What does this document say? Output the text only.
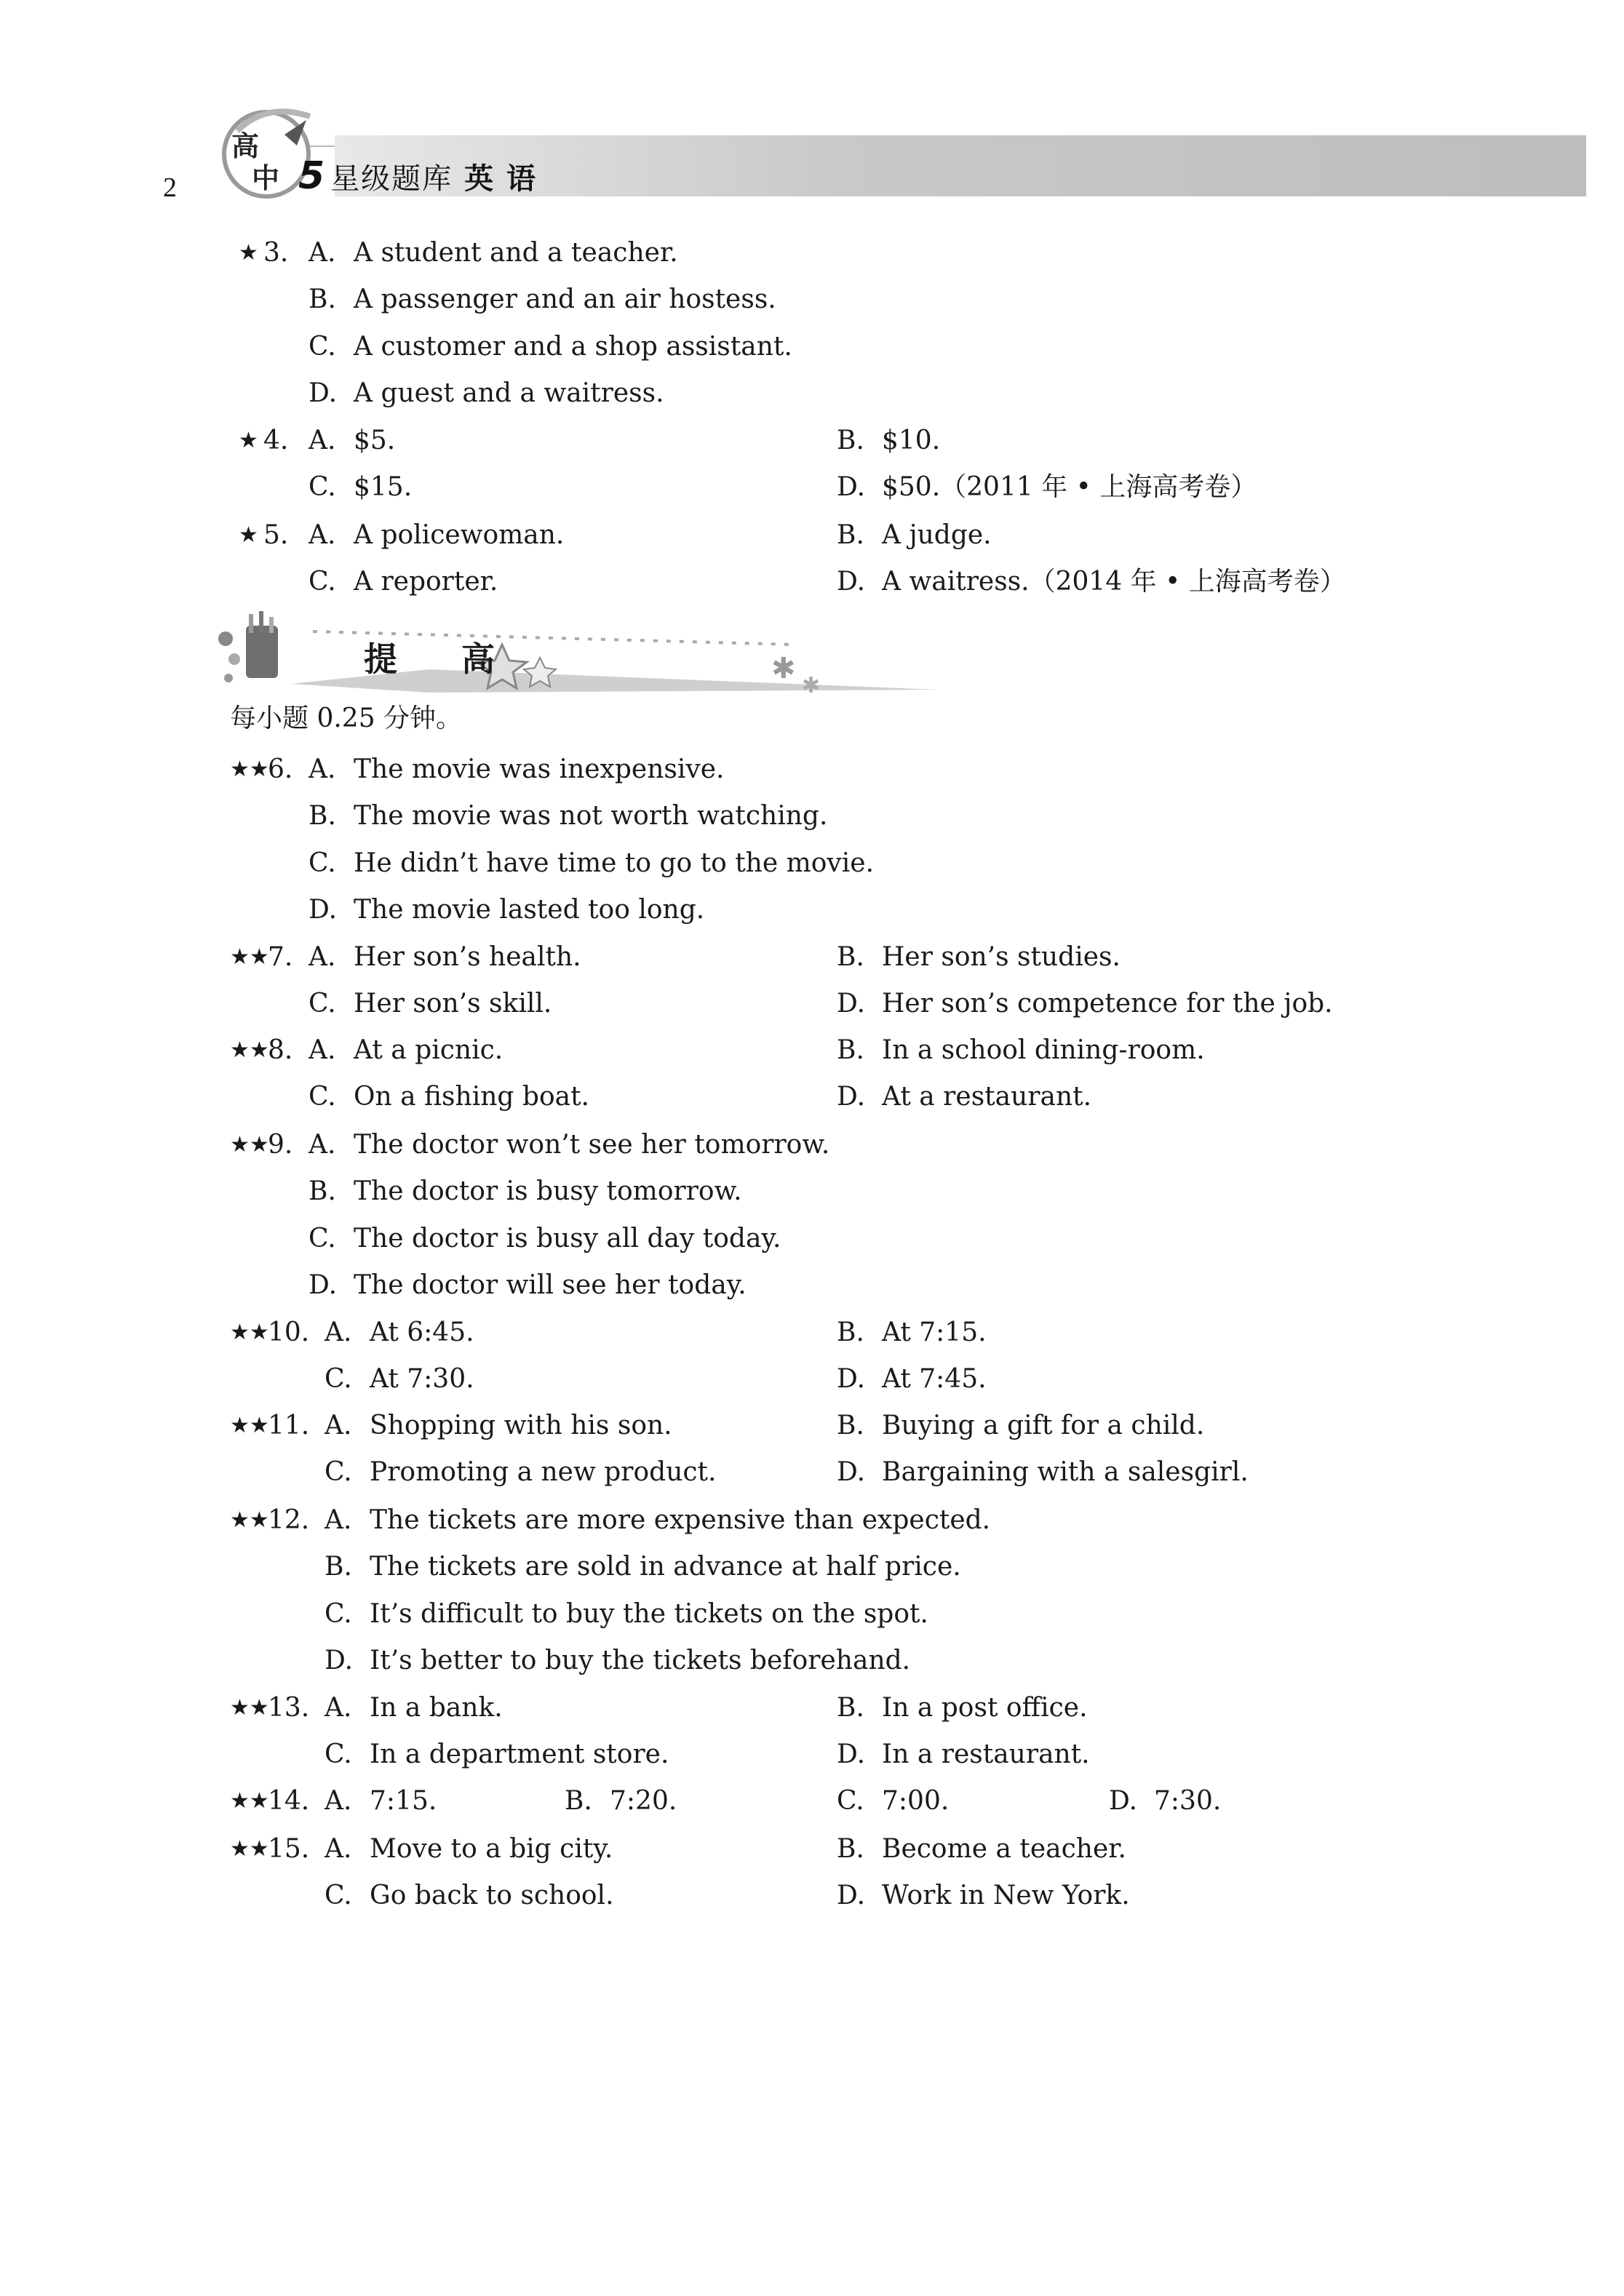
2
高
中 5 星级题库 英 语
✱
✱
提 高
每小题 0.25 分钟。
★ 3. A. A student and a teacher.
B. A passenger and an air hostess.
C. A customer and a shop assistant.
D. A guest and a waitress.
★ 4. A. $5.	B. $10.
C. $15.	D. $50.（2011 年 • 上海高考卷）
★ 5. A. A policewoman.	B. A judge.
C. A reporter.	D. A waitress.（2014 年 • 上海高考卷）
★★
6. A. The movie was inexpensive.
B. The movie was not worth watching.
C. He didn’t have time to go to the movie.
D. The movie lasted too long.
★★
7. A. Her son’s health.	B. Her son’s studies.
C. Her son’s skill.	D. Her son’s competence for the job.
★★
8. A. At a picnic.	B. In a school dining-room.
C. On a fishing boat.	D. At a restaurant.
★★
9. A. The doctor won’t see her tomorrow.
B. The doctor is busy tomorrow.
C. The doctor is busy all day today.
D. The doctor will see her today.
★★
10. A. At 6:45.	B. At 7:15.
C. At 7:30.	D. At 7:45.
★★
11. A. Shopping with his son.	B. Buying a gift for a child.
C. Promoting a new product.	D. Bargaining with a salesgirl.
★★
12. A. The tickets are more expensive than expected.
B. The tickets are sold in advance at half price.
C. It’s difficult to buy the tickets on the spot.
D. It’s better to buy the tickets beforehand.
★★
13. A. In a bank.	B. In a post office.
C. In a department store.	D. In a restaurant.
★★
14. A. 7:15.	B. 7:20.	C. 7:00.	D. 7:30.
★★
15. A. Move to a big city.	B. Become a teacher.
C. Go back to school.	D. Work in New York.
